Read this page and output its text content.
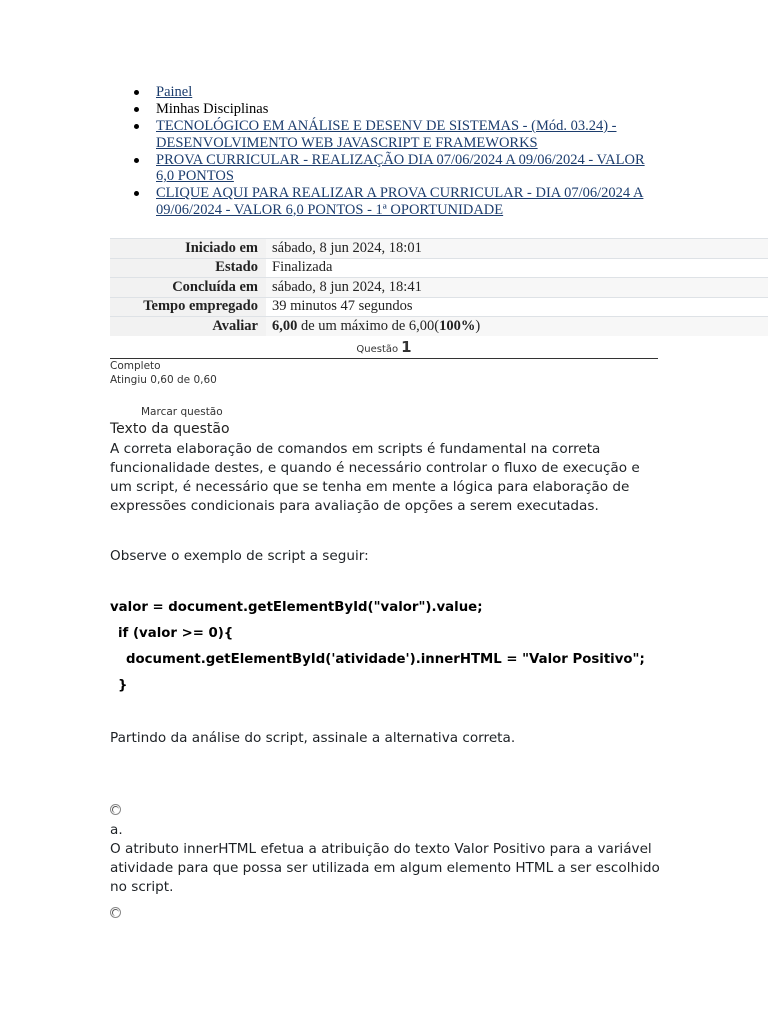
Painel
Minhas Disciplinas
TECNOLÓGICO EM ANÁLISE E DESENV DE SISTEMAS - (Mód. 03.24) - DESENVOLVIMENTO WEB JAVASCRIPT E FRAMEWORKS
PROVA CURRICULAR - REALIZAÇÃO DIA 07/06/2024 A 09/06/2024 - VALOR 6,0 PONTOS
CLIQUE AQUI PARA REALIZAR A PROVA CURRICULAR - DIA 07/06/2024 A 09/06/2024 - VALOR 6,0 PONTOS - 1ª OPORTUNIDADE
Iniciado em	sábado, 8 jun 2024, 18:01
Estado	Finalizada
Concluída em	sábado, 8 jun 2024, 18:41
Tempo empregado	39 minutos 47 segundos
Avaliar	6,00 de um máximo de 6,00(100%)
Questão 1
Completo
Atingiu 0,60 de 0,60
Marcar questão
Texto da questão
A correta elaboração de comandos em scripts é fundamental na correta funcionalidade destes, e quando é necessário controlar o fluxo de execução e um script, é necessário que se tenha em mente a lógica para elaboração de expressões condicionais para avaliação de opções a serem executadas.
Observe o exemplo de script a seguir:
valor = document.getElementById("valor").value;
if (valor >= 0){
document.getElementById('atividade').innerHTML = "Valor Positivo";
}
Partindo da análise do script, assinale a alternativa correta.
a.
O atributo innerHTML efetua a atribuição do texto Valor Positivo para a variável atividade para que possa ser utilizada em algum elemento HTML a ser escolhido no script.
